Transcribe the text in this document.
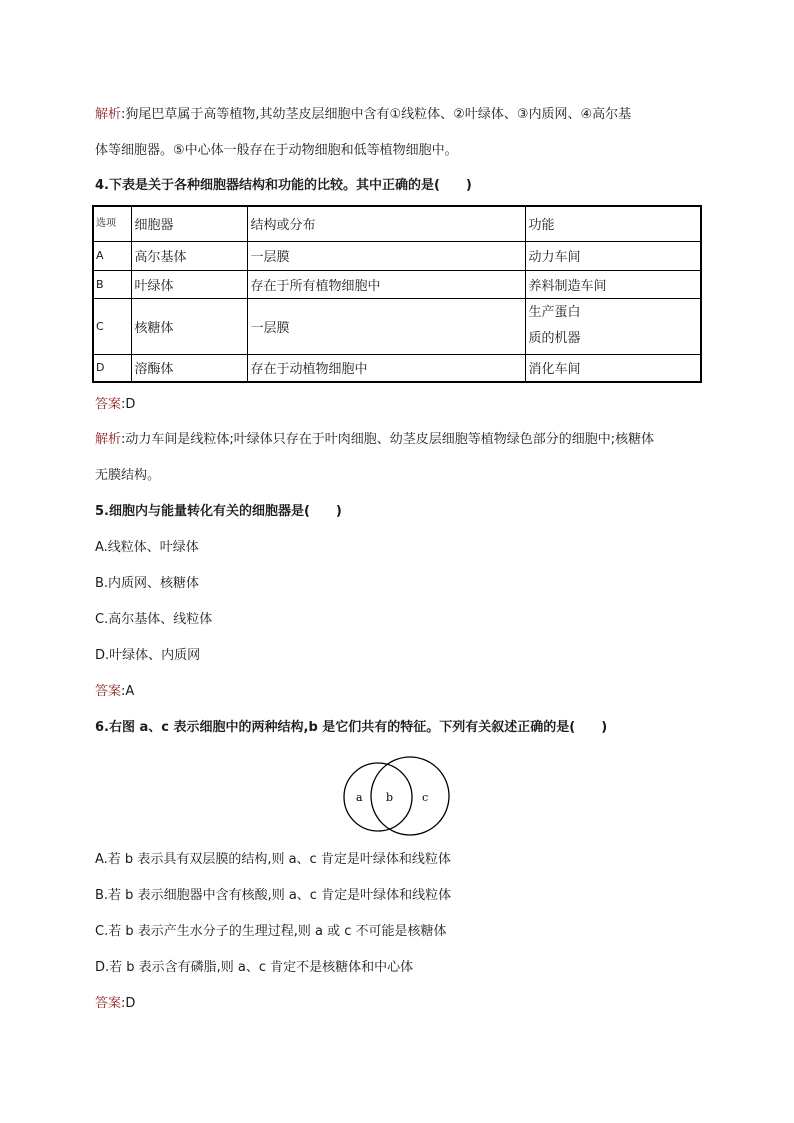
解析:狗尾巴草属于高等植物,其幼茎皮层细胞中含有①线粒体、②叶绿体、③内质网、④高尔基
体等细胞器。⑤中心体一般存在于动物细胞和低等植物细胞中。
4.下表是关于各种细胞器结构和功能的比较。其中正确的是(　　)
选项	细胞器	结构或分布	功能
A	高尔基体	一层膜	动力车间
B	叶绿体	存在于所有植物细胞中	养料制造车间
C	核糖体	一层膜	生产蛋白
质的机器

D	溶酶体	存在于动植物细胞中	消化车间
答案:D
解析:动力车间是线粒体;叶绿体只存在于叶肉细胞、幼茎皮层细胞等植物绿色部分的细胞中;核糖体
无膜结构。
5.细胞内与能量转化有关的细胞器是(　　)
A.线粒体、叶绿体
B.内质网、核糖体
C.高尔基体、线粒体
D.叶绿体、内质网
答案:A
6.右图 a、c 表示细胞中的两种结构,b 是它们共有的特征。下列有关叙述正确的是(　　)
a b	c
A.若 b 表示具有双层膜的结构,则 a、c 肯定是叶绿体和线粒体
B.若 b 表示细胞器中含有核酸,则 a、c 肯定是叶绿体和线粒体
C.若 b 表示产生水分子的生理过程,则 a 或 c 不可能是核糖体
D.若 b 表示含有磷脂,则 a、c 肯定不是核糖体和中心体
答案:D
